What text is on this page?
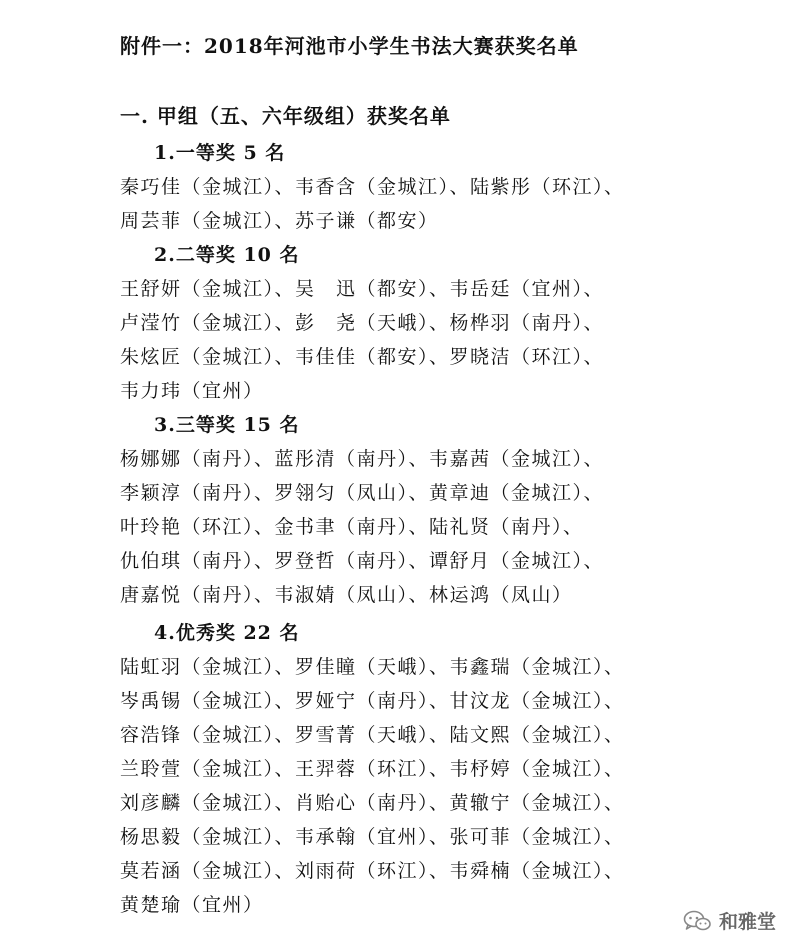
附件一：2018年河池市小学生书法大赛获奖名单
一. 甲组（五、六年级组）获奖名单
1.一等奖 5 名
秦巧佳（金城江）、韦香含（金城江）、陆紫彤（环江）、
周芸菲（金城江）、苏子谦（都安）
2.二等奖 10 名
王舒妍（金城江）、吴　迅（都安）、韦岳廷（宜州）、
卢滢竹（金城江）、彭　尧（天峨）、杨桦羽（南丹）、
朱炫匠（金城江）、韦佳佳（都安）、罗晓洁（环江）、
韦力玮（宜州）
3.三等奖 15 名
杨娜娜（南丹）、蓝彤清（南丹）、韦嘉茜（金城江）、
李颖淳（南丹）、罗翎匀（凤山）、黄章迪（金城江）、
叶玲艳（环江）、金书聿（南丹）、陆礼贤（南丹）、
仇伯琪（南丹）、罗登哲（南丹）、谭舒月（金城江）、
唐嘉悦（南丹）、韦淑婧（凤山）、林运鸿（凤山）
4.优秀奖 22 名
陆虹羽（金城江）、罗佳瞳（天峨）、韦鑫瑞（金城江）、
岑禹锡（金城江）、罗娅宁（南丹）、甘汶龙（金城江）、
容浩锋（金城江）、罗雪菁（天峨）、陆文熙（金城江）、
兰聆萱（金城江）、王羿蓉（环江）、韦杼婷（金城江）、
刘彦麟（金城江）、肖贻心（南丹）、黄辙宁（金城江）、
杨思毅（金城江）、韦承翰（宜州）、张可菲（金城江）、
莫若涵（金城江）、刘雨荷（环江）、韦舜楠（金城江）、
黄楚瑜（宜州）
和雅堂
